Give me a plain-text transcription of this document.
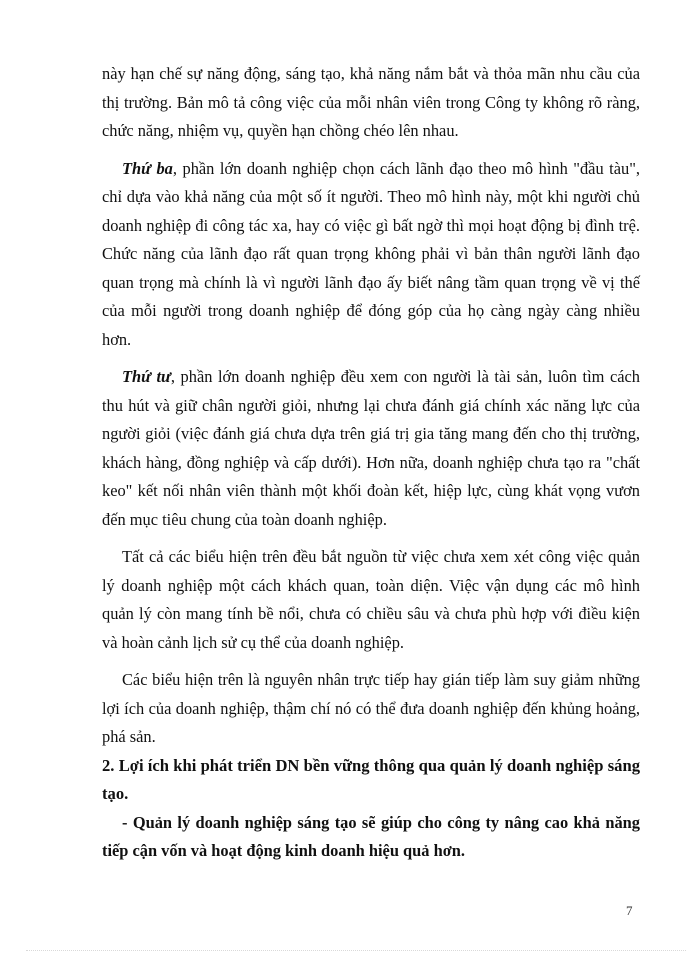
này hạn chế sự năng động, sáng tạo, khả năng nắm bắt và thỏa mãn nhu cầu của thị trường. Bản mô tả công việc của mỗi nhân viên trong Công ty không rõ ràng, chức năng, nhiệm vụ, quyền hạn chồng chéo lên nhau.

Thứ ba, phần lớn doanh nghiệp chọn cách lãnh đạo theo mô hình "đầu tàu", chỉ dựa vào khả năng của một số ít người. Theo mô hình này, một khi người chủ doanh nghiệp đi công tác xa, hay có việc gì bất ngờ thì mọi hoạt động bị đình trệ. Chức năng của lãnh đạo rất quan trọng không phải vì bản thân người lãnh đạo quan trọng mà chính là vì người lãnh đạo ấy biết nâng tầm quan trọng về vị thế của mỗi người trong doanh nghiệp để đóng góp của họ càng ngày càng nhiều hơn.

Thứ tư, phần lớn doanh nghiệp đều xem con người là tài sản, luôn tìm cách thu hút và giữ chân người giỏi, nhưng lại chưa đánh giá chính xác năng lực của người giỏi (việc đánh giá chưa dựa trên giá trị gia tăng mang đến cho thị trường, khách hàng, đồng nghiệp và cấp dưới). Hơn nữa, doanh nghiệp chưa tạo ra "chất keo" kết nối nhân viên thành một khối đoàn kết, hiệp lực, cùng khát vọng vươn đến mục tiêu chung của toàn doanh nghiệp.

Tất cả các biểu hiện trên đều bắt nguồn từ việc chưa xem xét công việc quản lý doanh nghiệp một cách khách quan, toàn diện. Việc vận dụng các mô hình quản lý còn mang tính bề nổi, chưa có chiều sâu và chưa phù hợp với điều kiện và hoàn cảnh lịch sử cụ thể của doanh nghiệp.

Các biểu hiện trên là nguyên nhân trực tiếp hay gián tiếp làm suy giảm những lợi ích của doanh nghiệp, thậm chí nó có thể đưa doanh nghiệp đến khủng hoảng, phá sản.

2. Lợi ích khi phát triển DN bền vững thông qua quản lý doanh nghiệp sáng tạo.

- Quản lý doanh nghiệp sáng tạo sẽ giúp cho công ty nâng cao khả năng tiếp cận vốn và hoạt động kinh doanh hiệu quả hơn.

7
